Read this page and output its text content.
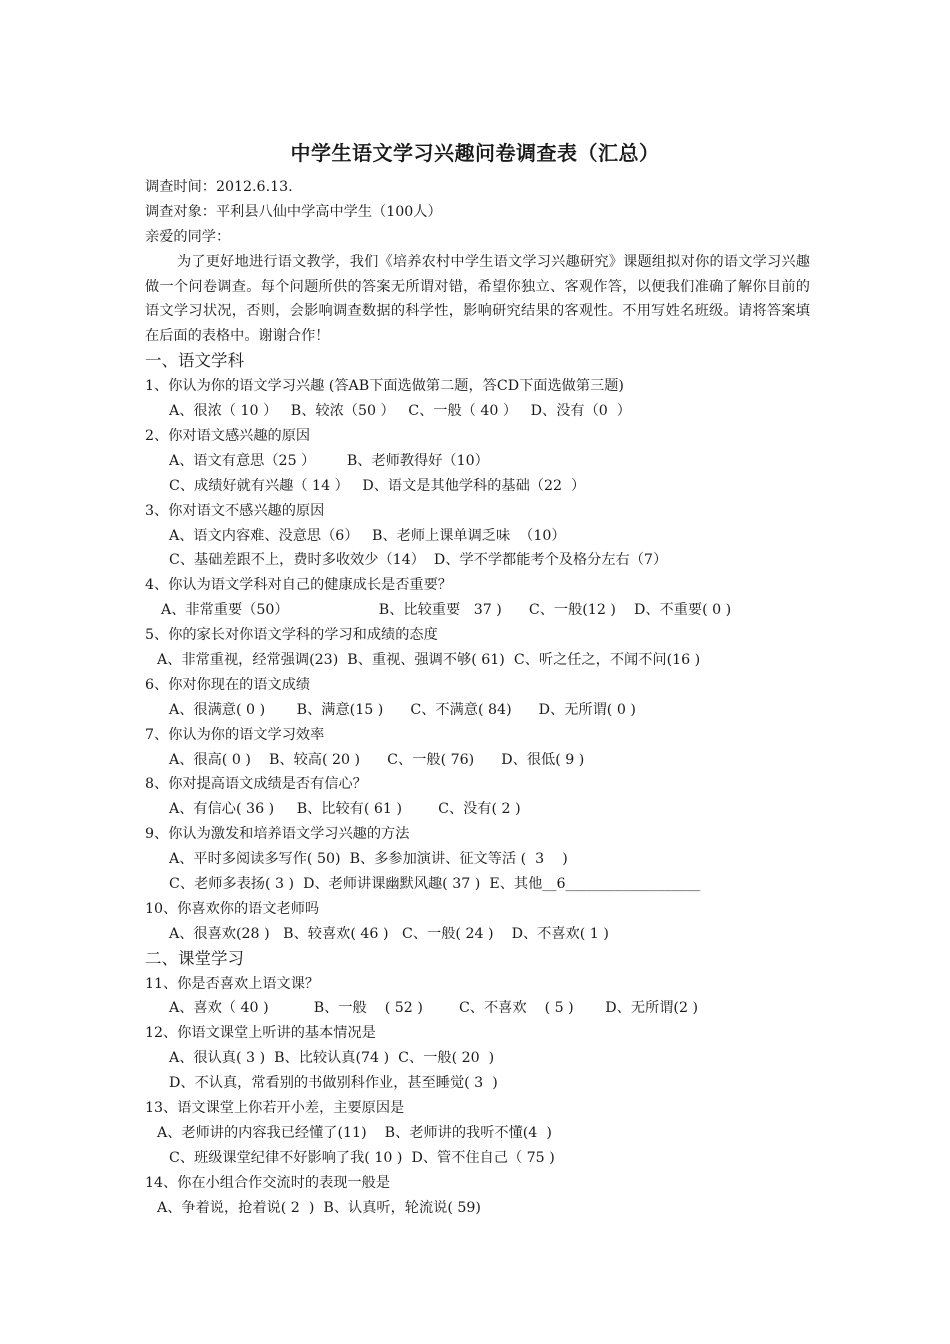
中学生语文学习兴趣问卷调查表（汇总）
调查时间：2012.6.13.
调查对象：平利县八仙中学高中学生（100人）
亲爱的同学：
为了更好地进行语文教学，我们《培养农村中学生语文学习兴趣研究》课题组拟对你的语文学习兴趣做一个问卷调查。每个问题所供的答案无所谓对错，希望你独立、客观作答，以便我们准确了解你目前的语文学习状况，否则，会影响调查数据的科学性，影响研究结果的客观性。不用写姓名班级。请将答案填在后面的表格中。谢谢合作！
一、语文学科
1、你认为你的语文学习兴趣 (答AB下面选做第二题，答CD下面选做第三题)
A、很浓（ 10 ）   B、较浓（50 ）   C、一般（ 40 ）   D、没有（0  ）
2、你对语文感兴趣的原因
A、语文有意思（25 ）       B、老师教得好（10）
C、成绩好就有兴趣（ 14 ）   D、语文是其他学科的基础（22  ）
3、你对语文不感兴趣的原因
A、语文内容难、没意思（6）   B、老师上课单调乏味  （10）
C、基础差跟不上，费时多收效少（14）  D、学不学都能考个及格分左右（7）
4、你认为语文学科对自己的健康成长是否重要？
A、非常重要（50）                    B、比较重要   37 )      C、一般(12 )    D、不重要( 0 )
5、你的家长对你语文学科的学习和成绩的态度
A、非常重视，经常强调(23)  B、重视、强调不够( 61)  C、听之任之，不闻不问(16 )
6、你对你现在的语文成绩
A、很满意( 0 )       B、满意(15 )      C、不满意( 84)      D、无所谓( 0 )
7、你认为你的语文学习效率
A、很高( 0 )    B、较高( 20 )      C、一般( 76)      D、很低( 9 )
8、你对提高语文成绩是否有信心？
A、有信心( 36 )     B、比较有( 61 )        C、没有( 2 )
9、你认为激发和培养语文学习兴趣的方法
A、平时多阅读多写作( 50)  B、多参加演讲、征文等活 (  3    )
C、老师多表扬( 3 )  D、老师讲课幽默风趣( 37 )  E、其他__6___________________
10、你喜欢你的语文老师吗
A、很喜欢(28 )   B、较喜欢( 46 )   C、一般( 24 )    D、不喜欢( 1 )
二、课堂学习
11、你是否喜欢上语文课？
A、喜欢（ 40 )          B、一般    ( 52 )        C、不喜欢    ( 5 )       D、无所谓(2 )
12、你语文课堂上听讲的基本情况是
A、很认真( 3 )  B、比较认真(74 )  C、一般( 20  )
D、不认真，常看别的书做别科作业，甚至睡觉( 3  )
13、语文课堂上你若开小差，主要原因是
A、老师讲的内容我已经懂了(11)    B、老师讲的我听不懂(4  )
C、班级课堂纪律不好影响了我( 10 )  D、管不住自己（ 75 )
14、你在小组合作交流时的表现一般是
A、争着说，抢着说( 2  )  B、认真听，轮流说( 59)
